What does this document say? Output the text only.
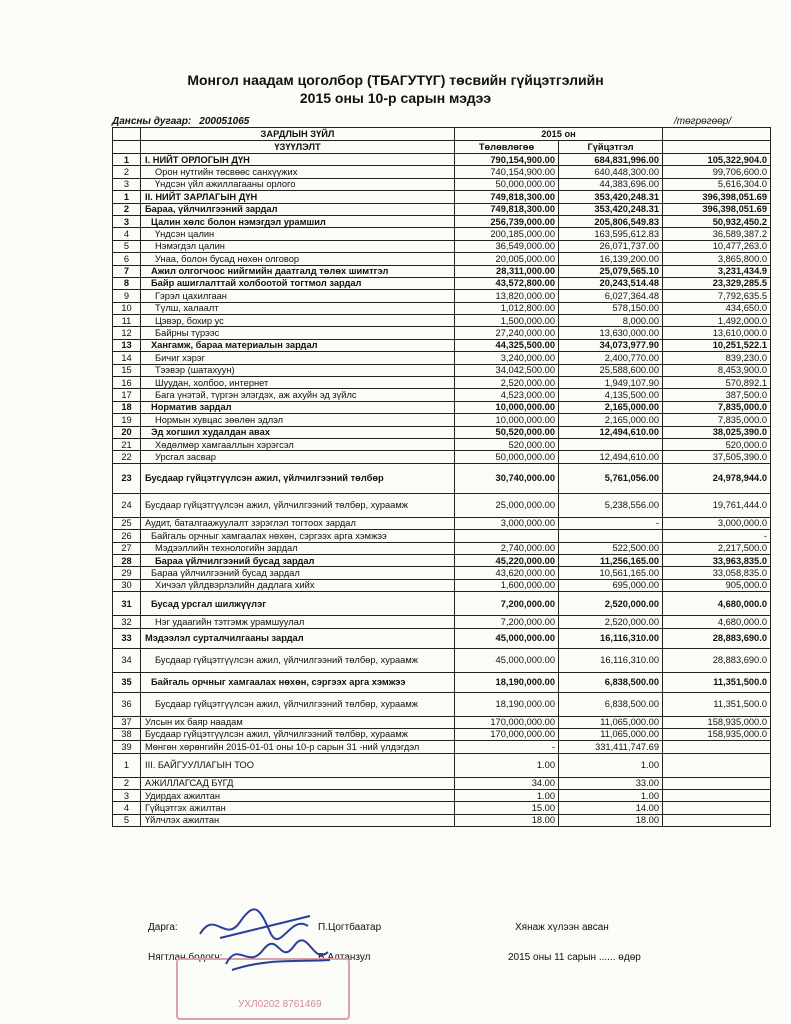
Монгол наадам цоголбор (ТБАГУТҮГ) төсвийн гүйцэтгэлийн
2015 оны 10-р сарын мэдээ
Дансны дугаар: 200051065	/төгрөгөөр/
	ЗАРДЛЫН ЗҮЙЛ	2015 он		
	ҮЗҮҮЛЭЛТ	Төлөвлөгөө	Гүйцэтгэл	
1	I. НИЙТ ОРЛОГЫН ДҮН	790,154,900.00	684,831,996.00	105,322,904.0
2	Орон нутгийн төсвөөс санхүүжих	740,154,900.00	640,448,300.00	99,706,600.0
3	Үндсэн үйл ажиллагааны орлого	50,000,000.00	44,383,696.00	5,616,304.0
1	II. НИЙТ ЗАРЛАГЫН ДҮН	749,818,300.00	353,420,248.31	396,398,051.69
2	Бараа, үйлчилгээний зардал	749,818,300.00	353,420,248.31	396,398,051.69
3	Цалин хөлс болон нэмэгдэл урамшил	256,739,000.00	205,806,549.83	50,932,450.2
4	Үндсэн цалин	200,185,000.00	163,595,612.83	36,589,387.2
5	Нэмэгдэл цалин	36,549,000.00	26,071,737.00	10,477,263.0
6	Унаа, болон бусад нөхөн олговор	20,005,000.00	16,139,200.00	3,865,800.0
7	Ажил олгогчоос нийгмийн даатгалд төлөх шимтгэл	28,311,000.00	25,079,565.10	3,231,434.9
8	Байр ашиглалттай холбоотой тогтмол зардал	43,572,800.00	20,243,514.48	23,329,285.5
9	Гэрэл цахилгаан	13,820,000.00	6,027,364.48	7,792,635.5
10	Түлш, халаалт	1,012,800.00	578,150.00	434,650.0
11	Цэвэр, бохир ус	1,500,000.00	8,000.00	1,492,000.0
12	Байрны түрээс	27,240,000.00	13,630,000.00	13,610,000.0
13	Хангамж, бараа материалын зардал	44,325,500.00	34,073,977.90	10,251,522.1
14	Бичиг хэрэг	3,240,000.00	2,400,770.00	839,230.0
15	Тээвэр (шатахуун)	34,042,500.00	25,588,600.00	8,453,900.0
16	Шуудан, холбоо, интернет	2,520,000.00	1,949,107.90	570,892.1
17	Бага үнэтэй, түргэн элэгдэх, аж ахуйн эд зүйлс	4,523,000.00	4,135,500.00	387,500.0
18	Норматив зардал	10,000,000.00	2,165,000.00	7,835,000.0
19	Нормын хувцас зөөлөн эдлэл	10,000,000.00	2,165,000.00	7,835,000.0
20	Эд хогшил худалдан авах	50,520,000.00	12,494,610.00	38,025,390.0
21	Хөдөлмөр хамгааллын хэрэгсэл	520,000.00		520,000.0
22	Урсгал засвар	50,000,000.00	12,494,610.00	37,505,390.0
23	Бусдаар гүйцэтгүүлсэн ажил, үйлчилгээний төлбөр	30,740,000.00	5,761,056.00	24,978,944.0
24	Бусдаар гүйцэтгүүлсэн ажил, үйлчилгээний төлбөр, хураамж	25,000,000.00	5,238,556.00	19,761,444.0
25	Аудит, баталгаажуулалт зэрэглэл тогтоох зардал	3,000,000.00	-	3,000,000.0
26	Байгаль орчныг хамгаалах нөхөн, сэргээх арга хэмжээ			-
27	Мэдээллийн технологийн зардал	2,740,000.00	522,500.00	2,217,500.0
28	Бараа үйлчилгээний бусад зардал	45,220,000.00	11,256,165.00	33,963,835.0
29	Бараа үйлчилгээний бусад зардал	43,620,000.00	10,561,165.00	33,058,835.0
30	Хичээл үйлдвэрлэлийн дадлага хийх	1,600,000.00	695,000.00	905,000.0
31	Бусад урсгал шилжүүлэг	7,200,000.00	2,520,000.00	4,680,000.0
32	Нэг удаагийн тэтгэмж урамшуулал	7,200,000.00	2,520,000.00	4,680,000.0
33	Мэдээлэл сурталчилгааны зардал	45,000,000.00	16,116,310.00	28,883,690.0
34	Бусдаар гүйцэтгүүлсэн ажил, үйлчилгээний төлбөр, хураамж	45,000,000.00	16,116,310.00	28,883,690.0
35	Байгаль орчныг хамгаалах нөхөн, сэргээх арга хэмжээ	18,190,000.00	6,838,500.00	11,351,500.0
36	Бусдаар гүйцэтгүүлсэн ажил, үйлчилгээний төлбөр, хураамж	18,190,000.00	6,838,500.00	11,351,500.0
37	Улсын их баяр наадам	170,000,000.00	11,065,000.00	158,935,000.0
38	Бусдаар гүйцэтгүүлсэн ажил, үйлчилгээний төлбөр, хураамж	170,000,000.00	11,065,000.00	158,935,000.0
39	Мөнгөн хөрөнгийн 2015-01-01 оны 10-р сарын 31 -ний үлдэгдэл	-	331,411,747.69	
1	III. БАЙГУУЛЛАГЫН ТОО	1.00	1.00	
2	АЖИЛЛАГСАД БҮГД	34.00	33.00	
3	Удирдах ажилтан	1.00	1.00	
4	Гүйцэтгэх ажилтан	15.00	14.00	
5	Үйлчлэх ажилтан	18.00	18.00	
Дарга:	П.Цогтбаатар	Хянаж хүлээн авсан
Нягтлан бодогч:	Б.Алтанзул	2015 оны 11 сарын ...... өдөр
УХЛ0202 8761469
